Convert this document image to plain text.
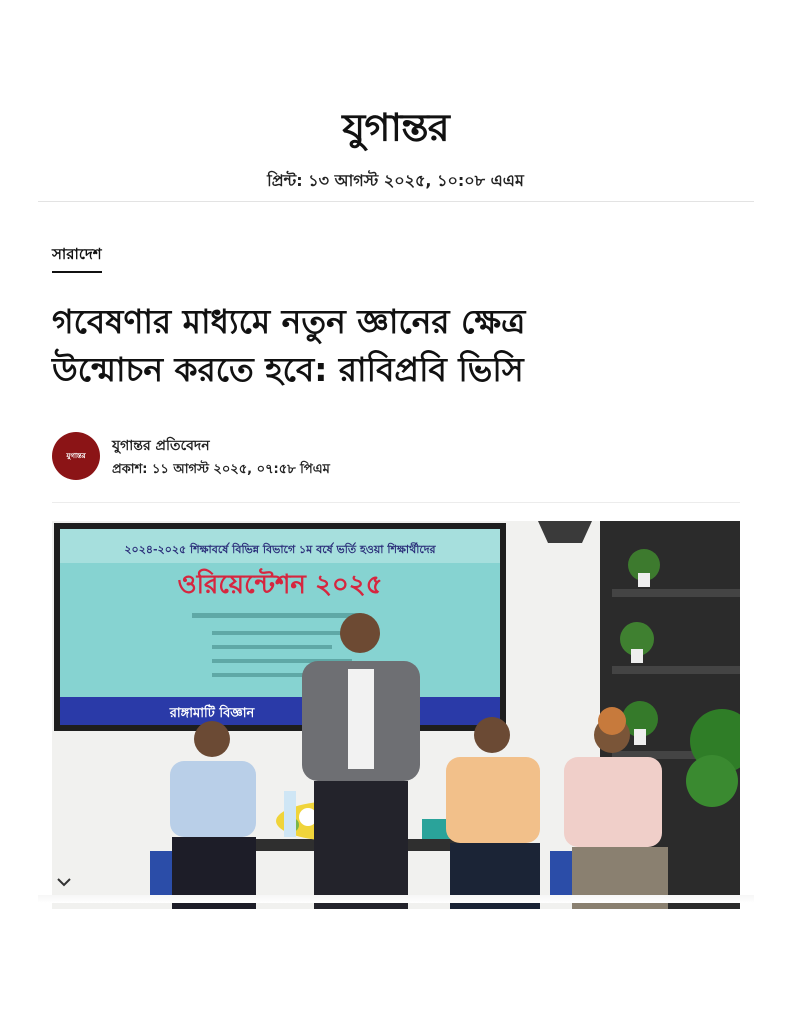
যুগান্তর
প্রিন্ট: ১৩ আগস্ট ২০২৫, ১০:০৮ এএম
সারাদেশ
গবেষণার মাধ্যমে নতুন জ্ঞানের ক্ষেত্র
উন্মোচন করতে হবে: রাবিপ্রবি ভিসি
যুগান্তর
যুগান্তর প্রতিবেদন
প্রকাশ: ১১ আগস্ট ২০২৫, ০৭:৫৮ পিএম
২০২৪-২০২৫ শিক্ষাবর্ষে বিভিন্ন বিভাগে ১ম বর্ষে ভর্তি হওয়া শিক্ষার্থীদের
ওরিয়েন্টেশন ২০২৫
রাঙ্গামাটি বিজ্ঞান
